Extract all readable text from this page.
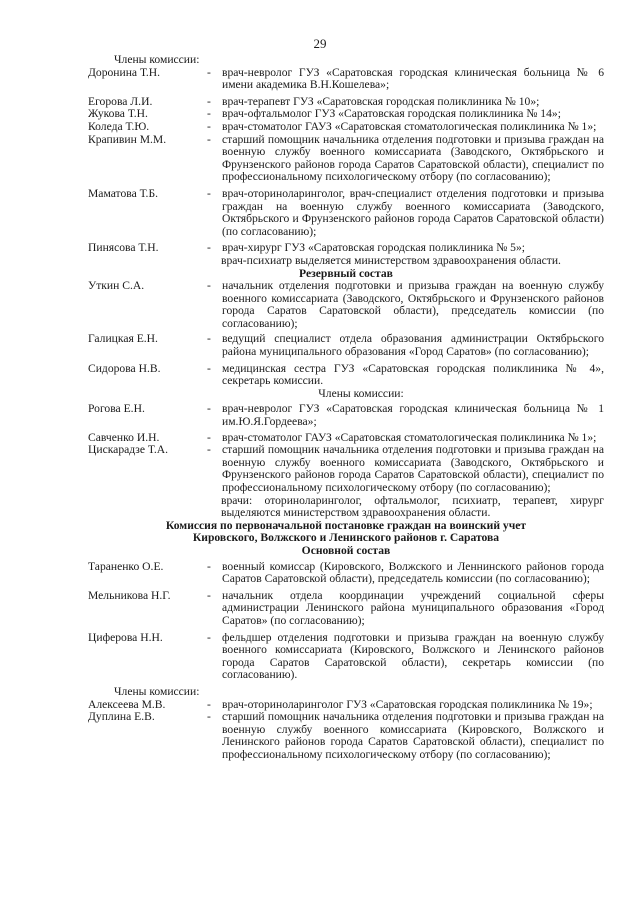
29
Члены комиссии:
Доронина Т.Н.	- врач-невролог ГУЗ «Саратовская городская клиническая больница № 6 имени академика В.Н.Кошелева»;
Егорова Л.И.	- врач-терапевт ГУЗ «Саратовская городская поликлиника № 10»;
Жукова Т.Н.	- врач-офтальмолог ГУЗ «Саратовская городская поликлиника № 14»;
Коледа Т.Ю.	- врач-стоматолог ГАУЗ «Саратовская стоматологическая поликлиника № 1»;
Крапивин М.М.	- старший помощник начальника отделения подготовки и призыва граждан на военную службу военного комиссариата (Заводского, Октябрьского и Фрунзенского районов города Саратов Саратовской области), специалист по профессиональному психологическому отбору (по согласованию);
Маматова Т.Б.	- врач-оториноларинголог, врач-специалист отделения подготовки и призыва граждан на военную службу военного комиссариата (Заводского, Октябрьского и Фрунзенского районов города Саратов Саратовской области) (по согласованию);
Пинясова Т.Н.	- врач-хирург ГУЗ «Саратовская городская поликлиника № 5»;
врач-психиатр выделяется министерством здравоохранения области.
Резервный состав
Уткин С.А.	- начальник отделения подготовки и призыва граждан на военную службу военного комиссариата (Заводского, Октябрьского и Фрунзенского районов города Саратов Саратовской области), председатель комиссии (по согласованию);
Галицкая Е.Н.	- ведущий специалист отдела образования администрации Октябрьского района муниципального образования «Город Саратов» (по согласованию);
Сидорова Н.В.	- медицинская сестра ГУЗ «Саратовская городская поликлиника № 4», секретарь комиссии.
Члены комиссии:
Рогова Е.Н.	- врач-невролог ГУЗ «Саратовская городская клиническая больница № 1 им.Ю.Я.Гордеева»;
Савченко И.Н.	- врач-стоматолог ГАУЗ «Саратовская стоматологическая поликлиника № 1»;
Цискарадзе Т.А.	- старший помощник начальника отделения подготовки и призыва граждан на военную службу военного комиссариата (Заводского, Октябрьского и Фрунзенского районов города Саратов Саратовской области), специалист по профессиональному психологическому отбору (по согласованию);
врачи: оториноларинголог, офтальмолог, психиатр, терапевт, хирург выделяются министерством здравоохранения области.
Комиссия по первоначальной постановке граждан на воинский учет
Кировского, Волжского и Ленинского районов г. Саратова
Основной состав
Тараненко О.Е.	- военный комиссар (Кировского, Волжского и Леннинского районов города Саратов Саратовской области), председатель комиссии (по согласованию);
Мельникова Н.Г.	- начальник отдела координации учреждений социальной сферы администрации Ленинского района муниципального образования «Город Саратов» (по согласованию);
Циферова Н.Н.	- фельдшер отделения подготовки и призыва граждан на военную службу военного комиссариата (Кировского, Волжского и Ленинского районов города Саратов Саратовской области), секретарь комиссии (по согласованию).
Члены комиссии:
Алексеева М.В.	- врач-оториноларинголог ГУЗ «Саратовская городская поликлиника № 19»;
Дуплина Е.В.	- старший помощник начальника отделения подготовки и призыва граждан на военную службу военного комиссариата (Кировского, Волжского и Ленинского районов города Саратов Саратовской области), специалист по профессиональному психологическому отбору (по согласованию);
